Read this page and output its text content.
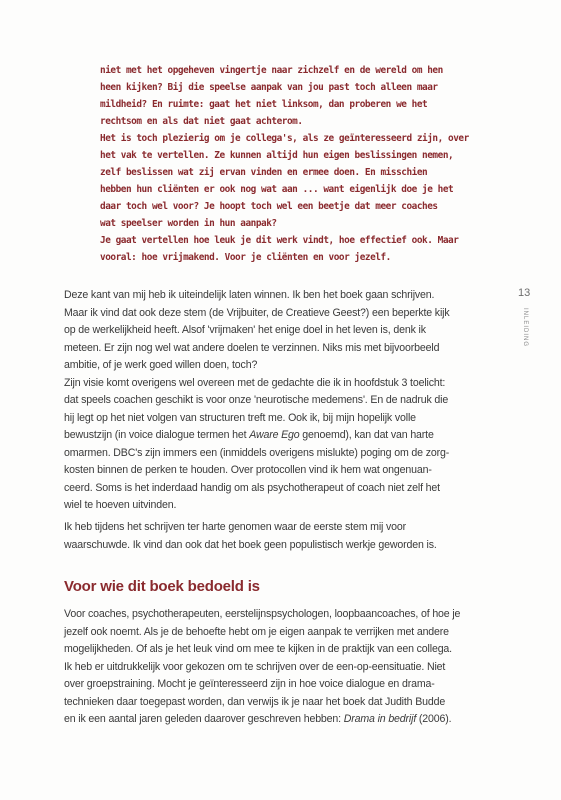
niet met het opgeheven vingertje naar zichzelf en de wereld om hen
heen kijken? Bij die speelse aanpak van jou past toch alleen maar
mildheid? En ruimte: gaat het niet linksom, dan proberen we het
rechtsom en als dat niet gaat achterom.
Het is toch plezierig om je collega's, als ze geïnteresseerd zijn, over
het vak te vertellen. Ze kunnen altijd hun eigen beslissingen nemen,
zelf beslissen wat zij ervan vinden en ermee doen. En misschien
hebben hun cliënten er ook nog wat aan ... want eigenlijk doe je het
daar toch wel voor? Je hoopt toch wel een beetje dat meer coaches
wat speelser worden in hun aanpak?
Je gaat vertellen hoe leuk je dit werk vindt, hoe effectief ook. Maar
vooral: hoe vrijmakend. Voor je cliënten en voor jezelf.
13
INLEIDING
Deze kant van mij heb ik uiteindelijk laten winnen. Ik ben het boek gaan schrijven.
Maar ik vind dat ook deze stem (de Vrijbuiter, de Creatieve Geest?) een beperkte kijk
op de werkelijkheid heeft. Alsof 'vrijmaken' het enige doel in het leven is, denk ik
meteen. Er zijn nog wel wat andere doelen te verzinnen. Niks mis met bijvoorbeeld
ambitie, of je werk goed willen doen, toch?
Zijn visie komt overigens wel overeen met de gedachte die ik in hoofdstuk 3 toelicht:
dat speels coachen geschikt is voor onze 'neurotische medemens'. En de nadruk die
hij legt op het niet volgen van structuren treft me. Ook ik, bij mijn hopelijk volle
bewustzijn (in voice dialogue termen het Aware Ego genoemd), kan dat van harte
omarmen. DBC's zijn immers een (inmiddels overigens mislukte) poging om de zorg-
kosten binnen de perken te houden. Over protocollen vind ik hem wat ongenuan-
ceerd. Soms is het inderdaad handig om als psychotherapeut of coach niet zelf het
wiel te hoeven uitvinden.
Ik heb tijdens het schrijven ter harte genomen waar de eerste stem mij voor
waarschuwde. Ik vind dan ook dat het boek geen populistisch werkje geworden is.
Voor wie dit boek bedoeld is
Voor coaches, psychotherapeuten, eerstelijnspsychologen, loopbaancoaches, of hoe je
jezelf ook noemt. Als je de behoefte hebt om je eigen aanpak te verrijken met andere
mogelijkheden. Of als je het leuk vind om mee te kijken in de praktijk van een collega.
Ik heb er uitdrukkelijk voor gekozen om te schrijven over de een-op-eensituatie. Niet
over groepstraining. Mocht je geïnteresseerd zijn in hoe voice dialogue en drama-
technieken daar toegepast worden, dan verwijs ik je naar het boek dat Judith Budde
en ik een aantal jaren geleden daarover geschreven hebben: Drama in bedrijf (2006).
